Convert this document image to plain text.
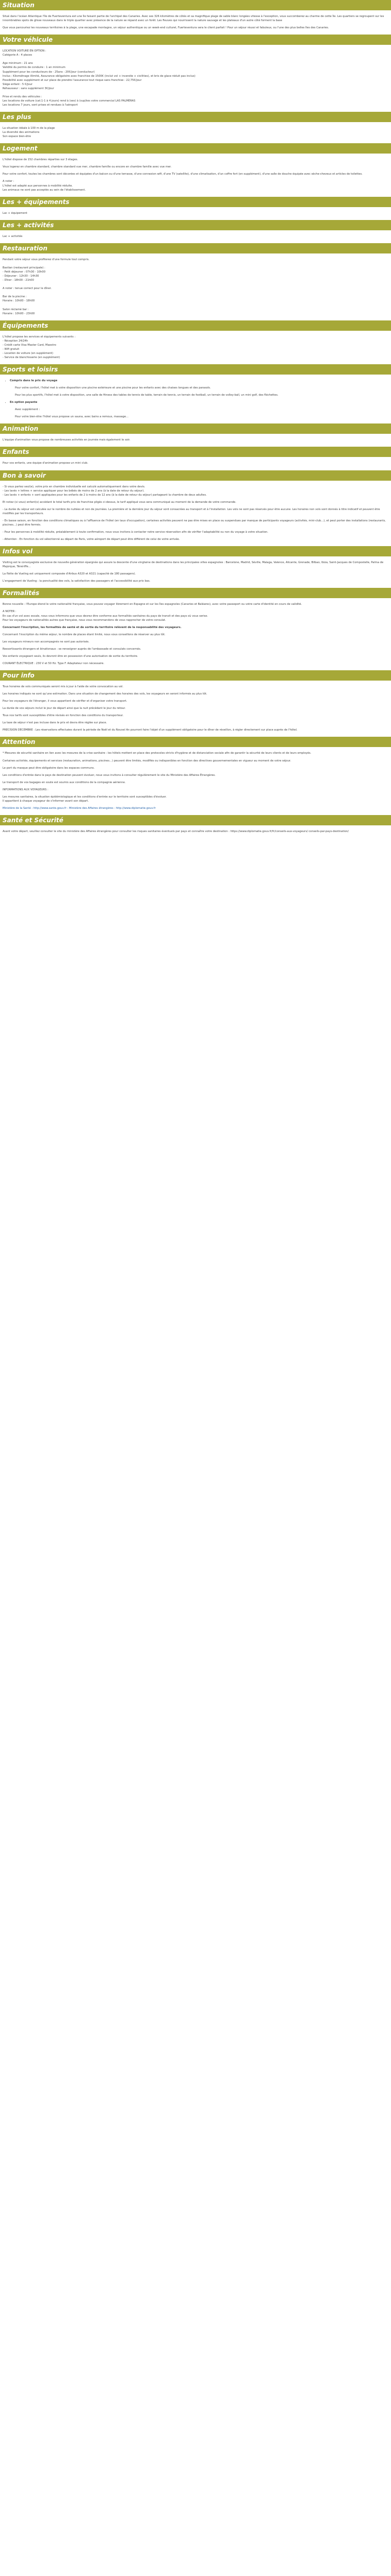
Situation

Situé dans l'océan Atlantique l'île de Fuerteventura est une île faisant partie de l'archipel des Canaries. Avec ses 326 kilomètres de côtés et sa magnifique plage de sable blanc longées vitesse à l'exception, vous succomberez au charme de cette île. Les quartiers se regroupent sur les innombrables spots de glisse nouveaux dans le triple quartier avec présence de la nature se répand avec un forêt. Les fleuves qui nourrissent la nature sauvage et les plateaux d'un autre côté forment la base

Que vous parcouriez les nouveaux territoires à la plage, une escapade montagne, un séjour authentique ou un week-end culturel, Fuerteventura sera le client parfait ! Pour un séjour réussi et fabuleux, ou l'une des plus belles îles des Canaries.

Votre véhicule

LOCATION VOITURE EN OPTION :

Catégorie A : 4 places

Age minimum : 21 ans

Validité du permis de conduire : 1 an minimum

Supplément pour les conducteurs de - 25ans : 20€/jour (conducteur)

Inclus : Kilométrage illimité, Assurance obligatoire avec franchise de 1500€ (inclut vol + incendie + civilities), et bris de glace réduit pas inclus)

Possibilité avec supplément et sur place de prendre l'assurance tout risque sans franchise : 22,75€/jour

Siège enfant : 5 €/jour

Réhausseur : sans supplément 3€/jour

Prise et rendu des véhicules :

Les locations de voiture (cat.1-1 à 4 jours) rend à (ses) à (sup)tes votre commercial LAS PALMERAS

Les locations 7 jours, sont prises et rendues à l'aéroport

Les plus

La situation idéale à 100 m de la plage

La diversité des animations

Son espace bien-être

Logement

L'hôtel dispose de 152 chambres réparties sur 3 étages.

Vous logerez en chambre standard, chambre standard vue mer, chambre famille ou encore en chambre famille avec vue mer.

Pour votre confort, toutes les chambres sont décorées et équipées d'un balcon ou d'une terrasse, d'une connexion wifi, d'une TV (satellite), d'une climatisation, d'un coffre fort (en supplément), d'une salle de douche équipée avec sèche-cheveux et articles de toilettes.

A noter :

L'hôtel est adapté aux personnes à mobilité réduite.

Les animaux ne sont pas acceptés au sein de l'établissement.

Les + équipements

Lac + équipement

Les + activités

Lac + activités

Restauration

Pendant votre séjour vous profiterez d'une formule tout compris.

Bastian (restaurant principale) :

- Petit déjeuner : 07h30 - 10h00

- Déjeuner : 12h30 - 14h30

- Dîner : 18h00 - 21h00

A noter : tenue correct pour le dîner.

Bar de la piscine :

Horaire : 10h00 - 18h00

Salon réclamé bar :

Horaire : 10h00 - 23h00

Équipements

L'hôtel propose les services et équipements suivants :

- Réception 24/24h

- Crédit carte Visa Master Card, Maestro

- Wifi gratuit

- Location de voiture (en supplément)

- Service de blanchisserie (en supplément)

Sports et loisirs
• Compris dans le prix du voyage

Pour votre confort, l'hôtel met à votre disposition une piscine extérieure et une piscine pour les enfants avec des chaises longues et des parasols.

Pour les plus sportifs, l'hôtel met à votre disposition, une salle de fitness des tables de tennis de table, terrain de tennis, un terrain de football, un terrain de volley-ball, un mini golf, des fléchettes.

• En option payante

Avec supplément :

Pour votre bien-être l'hôtel vous propose un sauna, avec bains a remous, massage...

Animation

L'équipe d'animation vous propose de nombreuses activités en journée mais également le soir.

Enfants

Pour vos enfants, une équipe d'animation propose un mini club.

Bon à savoir

- Si vous partez seul(e), votre prix en chambre individuelle est calculé automatiquement dans votre devis.

- Les lavés + lettres + service appliquer pour les bébés de moins de 2 ans (à la date de retour du séjour).

- Les lavés + enfants + sont appliquées pour les enfants de 2 à moins de 12 ans (à la date de retour du séjour) partageant la chambre de deux adultes.

Et notez (si vous) enfant(s) accédant le total tarifs prix de franchise pligès ci-dessus, le tarif appliqué vous sera communiqué au moment de la demande de votre commande.

- La durée du séjour est calculée sur le nombre de nuitées et non de journées. La première et la dernière jour du séjour sont consacrées au transport et à l'installation. Les vols ne sont pas réservés pour être aucune. Les horaires non vols sont donnés à titre indicatif et peuvent être modifiés par les transporteurs.

- En basse saison, en fonction des conditions climatiques ou à l'affluence de l'hôtel (en taux d'occupation), certaines activités peuvent ne pas être mises en place ou suspendues par manque de participants voyageurs (activités, mini-club...), et peut porter des installations (restaurants, piscines...) peut être fermés.

- Pour les personnes à mobilité réduite, préalablement à toute confirmation, nous vous invitons à contacter notre service réservation afin de vérifier l'adaptabilité ou non du voyage à votre situation.

- Attention : En fonction du vol sélectionné au départ de Paris, votre aéroport de départ peut être différent de celui de votre arrivée.

Infos vol

Visiting est le convoyagiste exclusive de nouvelle génération épargnée qui assure la descente d'une vingtaine de destinations dans les principales villes espagnoles : Barcelone, Madrid, Séville, Malaga, Valence, Alicante, Grenade, Bilbao, Ibiza, Saint-Jacques de Compostelle, Palma de Majorque, Ténériffe...

La flotte de Vueling est uniquement composée d'Airbus A320 et A321 (capacité de 180 passagers).

L'engagement de Vueling : la ponctualité des vols, la satisfaction des passagers et l'accessibilité aux prix bas.

Formalités

Bonne nouvelle : l'Europe étend le votre nationalité française, vous pouvez voyager librement en Espagne et sur les îles espagnoles (Canaries et Baléares), avec votre passeport ou votre carte d'identité en cours de validité.

A NOTER :

En cas d'un vol avec escale, nous vous informons que vous devrez être conforme aux formalités sanitaires du pays de transit et des pays où vous seriez.

Pour les voyageurs de nationalités autres que française, nous vous recommandons de vous rapprocher de votre consulat.

Concernant l'inscription, les formalités de santé et de sortie du territoire relèvent de la responsabilité des voyageurs.

Concernant l'inscription du même séjour, le nombre de places étant limité, nous vous conseillons de réserver au plus tôt.

Les voyageurs mineurs non accompagnés ne sont pas autorisés.

Ressortissants étrangers et binationaux : se renseigner auprès de l'ambassade et consulats concernés.

Vos enfants voyageant seuls, ils devront être en possession d'une autorisation de sortie du territoire.

COURANT ÉLECTRIQUE : 230 V et 50 Hz. Type F. Adaptateur non nécessaire.

Pour info

Tous horaires de vols communiqués seront mis à jour à l'aide de votre convocation au vol.

Les horaires indiqués ne sont qu'une estimation. Dans une situation de changement des horaires des vols, les voyageurs en seront informés au plus tôt.

Pour les voyageurs de l'étranger, il vous appartient de vérifier et d'organiser votre transport.

La durée de vos séjours inclut le jour de départ ainsi que la nuit précédant le jour du retour.

Tous nos tarifs sont susceptibles d'être révisés en fonction des conditions du transporteur.

La taxe de séjour n'est pas incluse dans le prix et devra être réglée sur place.

PRECISION DECEMBRE : Les réservations effectuées durant la période de Noël et du Nouvel An pourront faire l'objet d'un supplément obligatoire pour le dîner de réveillon, à régler directement sur place auprès de l'hôtel.

Attention

* Mesures de sécurité sanitaire en lien avec les mesures de la crise sanitaire : les hôtels mettent en place des protocoles stricts d'hygiène et de distanciation sociale afin de garantir la sécurité de leurs clients et de leurs employés.

Certaines activités, équipements et services (restauration, animations, piscines...) peuvent être limités, modifiés ou indisponibles en fonction des directives gouvernementales en vigueur au moment de votre séjour.

Le port du masque peut être obligatoire dans les espaces communs.

Les conditions d'entrée dans le pays de destination peuvent évoluer, nous vous invitons à consulter régulièrement le site du Ministère des Affaires Étrangères.

Le transport de vos bagages en soute est soumis aux conditions de la compagnie aérienne.

INFORMATIONS AUX VOYAGEURS :

Les mesures sanitaires, la situation épidémiologique et les conditions d'entrée sur le territoire sont susceptibles d'évoluer.

Il appartient à chaque voyageur de s'informer avant son départ.

Ministère de la Santé : http://www.sante.gouv.fr - Ministère des Affaires étrangères : http://www.diplomatie.gouv.fr

Santé et Sécurité

Avant votre départ, veuillez consulter le site du ministère des Affaires étrangères pour consulter les risques sanitaires éventuels par pays et connaître votre destination : https://www.diplomatie.gouv.fr/fr/conseils-aux-voyageurs/ conseils-par-pays-destination/
